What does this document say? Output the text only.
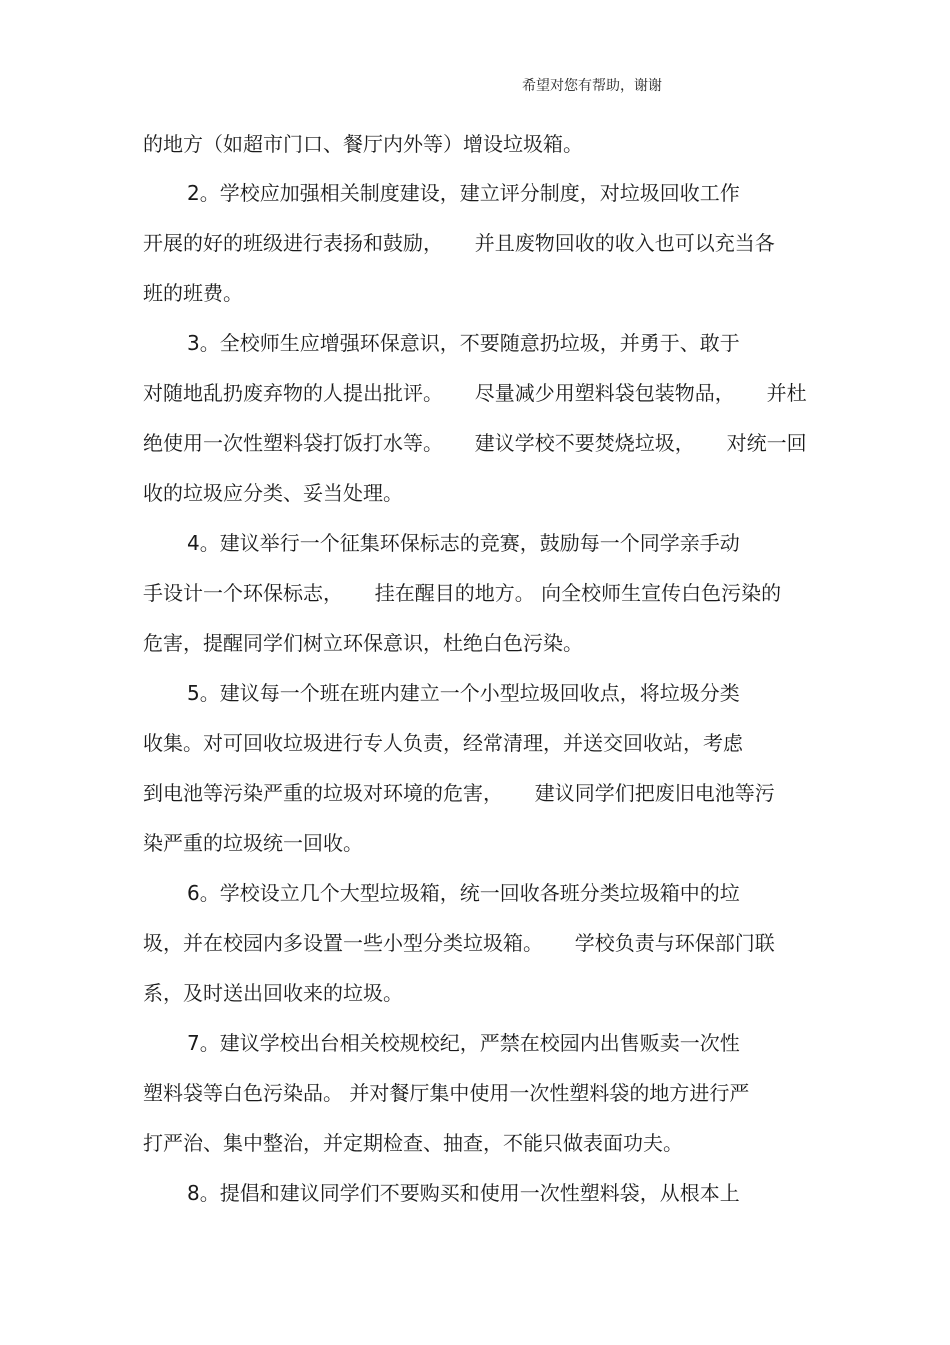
希望对您有帮助，谢谢
的地方（如超市门口、餐厅内外等）增设垃圾箱。
2。学校应加强相关制度建设，建立评分制度，对垃圾回收工作
开展的好的班级进行表扬和鼓励，     并且废物回收的收入也可以充当各
班的班费。
3。全校师生应增强环保意识，不要随意扔垃圾，并勇于、敢于
对随地乱扔废弃物的人提出批评。     尽量减少用塑料袋包装物品，     并杜
绝使用一次性塑料袋打饭打水等。     建议学校不要焚烧垃圾，     对统一回
收的垃圾应分类、妥当处理。
4。建议举行一个征集环保标志的竞赛，鼓励每一个同学亲手动
手设计一个环保标志，     挂在醒目的地方。 向全校师生宣传白色污染的
危害，提醒同学们树立环保意识，杜绝白色污染。
5。建议每一个班在班内建立一个小型垃圾回收点，将垃圾分类
收集。对可回收垃圾进行专人负责，经常清理，并送交回收站，考虑
到电池等污染严重的垃圾对环境的危害，     建议同学们把废旧电池等污
染严重的垃圾统一回收。
6。学校设立几个大型垃圾箱，统一回收各班分类垃圾箱中的垃
圾，并在校园内多设置一些小型分类垃圾箱。     学校负责与环保部门联
系，及时送出回收来的垃圾。
7。建议学校出台相关校规校纪，严禁在校园内出售贩卖一次性
塑料袋等白色污染品。 并对餐厅集中使用一次性塑料袋的地方进行严
打严治、集中整治，并定期检查、抽查，不能只做表面功夫。
8。提倡和建议同学们不要购买和使用一次性塑料袋，从根本上
